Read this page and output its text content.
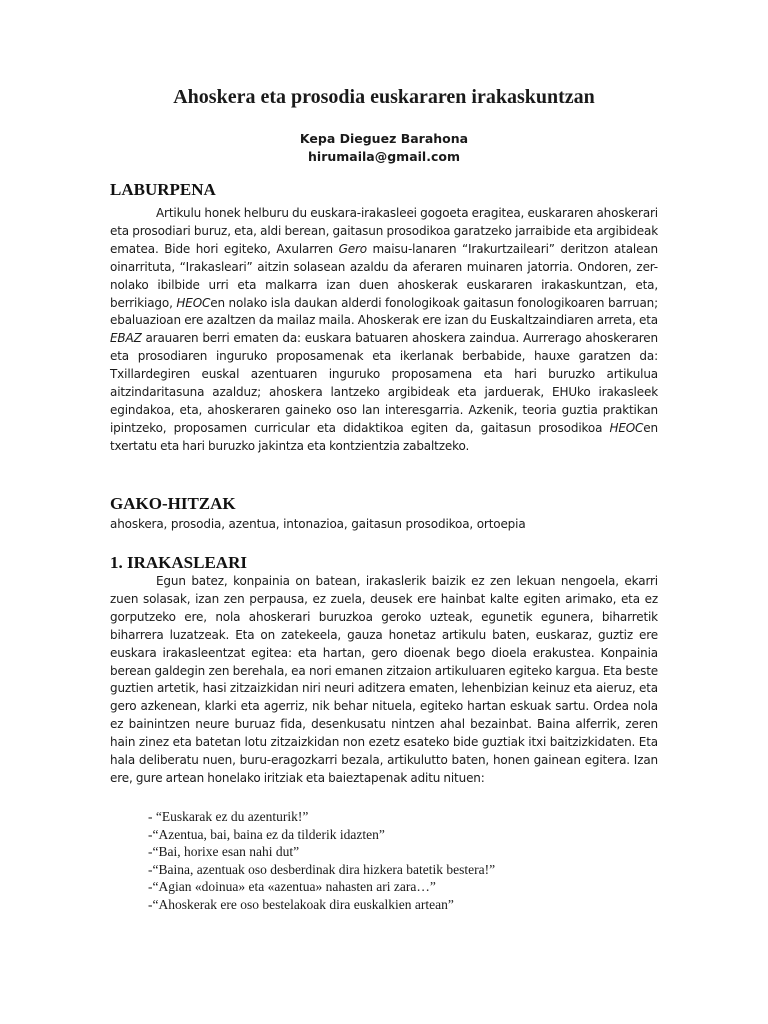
Ahoskera eta prosodia euskararen irakaskuntzan
Kepa Dieguez Barahona
hirumaila@gmail.com
LABURPENA
Artikulu honek helburu du euskara-irakasleei gogoeta eragitea, euskararen ahoskerari eta prosodiari buruz, eta, aldi berean, gaitasun prosodikoa garatzeko jarraibide eta argibideak ematea. Bide hori egiteko, Axularren Gero maisu-lanaren “Irakurtzaileari” deritzon atalean oinarrituta, “Irakasleari” aitzin solasean azaldu da aferaren muinaren jatorria. Ondoren, zer-nolako ibilbide urri eta malkarra izan duen ahoskerak euskararen irakaskuntzan, eta, berrikiago, HEOCen nolako isla daukan alderdi fonologikoak gaitasun fonologikoaren barruan; ebaluazioan ere azaltzen da mailaz maila. Ahoskerak ere izan du Euskaltzaindiaren arreta, eta EBAZ arauaren berri ematen da: euskara batuaren ahoskera zaindua. Aurrerago ahoskeraren eta prosodiaren inguruko proposamenak eta ikerlanak berbabide, hauxe garatzen da: Txillardegiren euskal azentuaren inguruko proposamena eta hari buruzko artikulua aitzindaritasuna azalduz; ahoskera lantzeko argibideak eta jarduerak, EHUko irakasleek egindakoa, eta, ahoskeraren gaineko oso lan interesgarria. Azkenik, teoria guztia praktikan ipintzeko, proposamen curricular eta didaktikoa egiten da, gaitasun prosodikoa HEOCen txertatu eta hari buruzko jakintza eta kontzientzia zabaltzeko.
GAKO-HITZAK
ahoskera, prosodia, azentua, intonazioa, gaitasun prosodikoa, ortoepia
1. IRAKASLEARI
Egun batez, konpainia on batean, irakaslerik baizik ez zen lekuan nengoela, ekarri zuen solasak, izan zen perpausa, ez zuela, deusek ere hainbat kalte egiten arimako, eta ez gorputzeko ere, nola ahoskerari buruzkoa geroko uzteak, egunetik egunera, biharretik biharrera luzatzeak. Eta on zatekeela, gauza honetaz artikulu baten, euskaraz, guztiz ere euskara irakasleentzat egitea: eta hartan, gero dioenak bego dioela erakustea. Konpainia berean galdegin zen berehala, ea nori emanen zitzaion artikuluaren egiteko kargua. Eta beste guztien artetik, hasi zitzaizkidan niri neuri aditzera ematen, lehenbizian keinuz eta aieruz, eta gero azkenean, klarki eta agerriz, nik behar nituela, egiteko hartan eskuak sartu. Ordea nola ez bainintzen neure buruaz fida, desenkusatu nintzen ahal bezainbat. Baina alferrik, zeren hain zinez eta batetan lotu zitzaizkidan non ezetz esateko bide guztiak itxi baitzizkidaten. Eta hala deliberatu nuen, buru-eragozkarri bezala, artikulutto baten, honen gainean egitera. Izan ere, gure artean honelako iritziak eta baieztapenak aditu nituen:
- “Euskarak ez du azenturik!”
-“Azentua, bai, baina ez da tilderik idazten”
-“Bai, horixe esan nahi dut”
-“Baina, azentuak oso desberdinak dira hizkera batetik bestera!”
-“Agian «doinua» eta «azentua» nahasten ari zara…”
-“Ahoskerak ere oso bestelakoak dira euskalkien artean”
